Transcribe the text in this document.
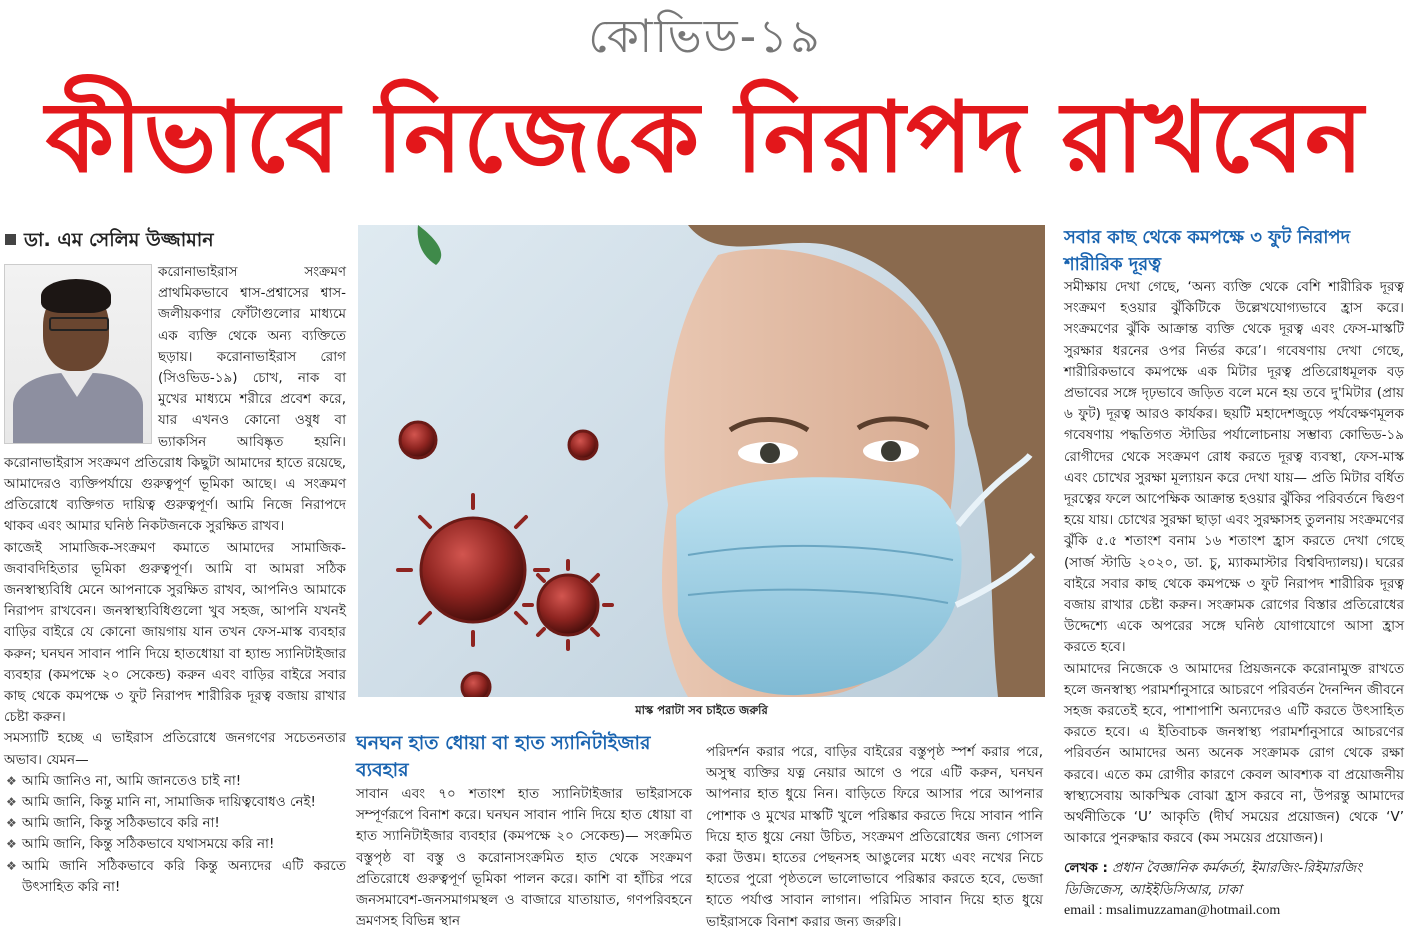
কোভিড-১৯
কীভাবে নিজেকে নিরাপদ রাখবেন
ডা. এম সেলিম উজ্জামান

করোনাভাইরাস সংক্রমণ প্রাথমিকভাবে শ্বাস-প্রশ্বাসের শ্বাস-জলীয়কণার ফোঁটাগুলোর মাধ্যমে এক ব্যক্তি থেকে অন্য ব্যক্তিতে ছড়ায়। করোনাভাইরাস রোগ (সিওভিড-১৯) চোখ, নাক বা মুখের মাধ্যমে শরীরে প্রবেশ করে, যার এখনও কোনো ওষুধ বা ভ্যাকসিন আবিষ্কৃত হয়নি। করোনাভাইরাস সংক্রমণ প্রতিরোধ কিছুটা আমাদের হাতে রয়েছে, আমাদেরও ব্যক্তিপর্যায়ে গুরুত্বপূর্ণ ভূমিকা আছে। এ সংক্রমণ প্রতিরোধে ব্যক্তিগত দায়িত্ব গুরুত্বপূর্ণ। আমি নিজে নিরাপদে থাকব এবং আমার ঘনিষ্ঠ নিকটজনকে সুরক্ষিত রাখব।

কাজেই সামাজিক-সংক্রমণ কমাতে আমাদের সামাজিক-জবাবদিহিতার ভূমিকা গুরুত্বপূর্ণ। আমি বা আমরা সঠিক জনস্বাস্থ্যবিধি মেনে আপনাকে সুরক্ষিত রাখব, আপনিও আমাকে নিরাপদ রাখবেন। জনস্বাস্থ্যবিধিগুলো খুব সহজ, আপনি যখনই বাড়ির বাইরে যে কোনো জায়গায় যান তখন ফেস-মাস্ক ব্যবহার করুন; ঘনঘন সাবান পানি দিয়ে হাতধোয়া বা হ্যান্ড স্যানিটাইজার ব্যবহার (কমপক্ষে ২০ সেকেন্ড) করুন এবং বাড়ির বাইরে সবার কাছ থেকে কমপক্ষে ৩ ফুট নিরাপদ শারীরিক দূরত্ব বজায় রাখার চেষ্টা করুন।

সমস্যাটি হচ্ছে এ ভাইরাস প্রতিরোধে জনগণের সচেতনতার অভাব। যেমন—

❖ আমি জানিও না, আমি জানতেও চাই না!
❖ আমি জানি, কিন্তু মানি না, সামাজিক দায়িত্ববোধও নেই!
❖ আমি জানি, কিন্তু সঠিকভাবে করি না!
❖ আমি জানি, কিন্তু সঠিকভাবে যথাসময়ে করি না!
❖ আমি জানি সঠিকভাবে করি কিন্তু অন্যদের এটি করতে উৎসাহিত করি না!
মাস্ক পরাটা সব চাইতে জরুরি
ঘনঘন হাত ধোয়া বা হাত স্যানিটাইজার ব্যবহার

সাবান এবং ৭০ শতাংশ হাত স্যানিটাইজার ভাইরাসকে সম্পূর্ণরূপে বিনাশ করে। ঘনঘন সাবান পানি দিয়ে হাত ধোয়া বা হাত স্যানিটাইজার ব্যবহার (কমপক্ষে ২০ সেকেন্ড)— সংক্রমিত বস্তুপৃষ্ঠ বা বস্তু ও করোনাসংক্রমিত হাত থেকে সংক্রমণ প্রতিরোধে গুরুত্বপূর্ণ ভূমিকা পালন করে। কাশি বা হাঁচির পরে জনসমাবেশ-জনসমাগমস্থল ও বাজারে যাতায়াত, গণপরিবহনে ভ্রমণসহ বিভিন্ন স্থান

পরিদর্শন করার পরে, বাড়ির বাইরের বস্তুপৃষ্ঠ স্পর্শ করার পরে, অসুস্থ ব্যক্তির যত্ন নেয়ার আগে ও পরে এটি করুন, ঘনঘন আপনার হাত ধুয়ে নিন। বাড়িতে ফিরে আসার পরে আপনার পোশাক ও মুখের মাস্কটি খুলে পরিষ্কার করতে দিয়ে সাবান পানি দিয়ে হাত ধুয়ে নেয়া উচিত, সংক্রমণ প্রতিরোধের জন্য গোসল করা উত্তম। হাতের পেছনসহ আঙুলের মধ্যে এবং নখের নিচে হাতের পুরো পৃষ্ঠতলে ভালোভাবে পরিষ্কার করতে হবে, ভেজা হাতে পর্যাপ্ত সাবান লাগান। পরিমিত সাবান দিয়ে হাত ধুয়ে ভাইরাসকে বিনাশ করার জন্য জরুরি।

সবার কাছ থেকে কমপক্ষে ৩ ফুট নিরাপদ শারীরিক দূরত্ব

সমীক্ষায় দেখা গেছে, ‘অন্য ব্যক্তি থেকে বেশি শারীরিক দূরত্ব সংক্রমণ হওয়ার ঝুঁকিটিকে উল্লেখযোগ্যভাবে হ্রাস করে। সংক্রমণের ঝুঁকি আক্রান্ত ব্যক্তি থেকে দূরত্ব এবং ফেস-মাস্কটি সুরক্ষার ধরনের ওপর নির্ভর করে’। গবেষণায় দেখা গেছে, শারীরিকভাবে কমপক্ষে এক মিটার দূরত্ব প্রতিরোধমূলক বড় প্রভাবের সঙ্গে দৃঢ়ভাবে জড়িত বলে মনে হয় তবে দু'মিটার (প্রায় ৬ ফুট) দূরত্ব আরও কার্যকর। ছয়টি মহাদেশজুড়ে পর্যবেক্ষণমূলক গবেষণায় পদ্ধতিগত স্টাডির পর্যালোচনায় সম্ভাব্য কোভিড-১৯ রোগীদের থেকে সংক্রমণ রোধ করতে দূরত্ব ব্যবস্থা, ফেস-মাস্ক এবং চোখের সুরক্ষা মূল্যায়ন করে দেখা যায়— প্রতি মিটার বর্ধিত দূরত্বের ফলে আপেক্ষিক আক্রান্ত হওয়ার ঝুঁকির পরিবর্তনে দ্বিগুণ হয়ে যায়। চোখের সুরক্ষা ছাড়া এবং সুরক্ষাসহ তুলনায় সংক্রমণের ঝুঁকি ৫.৫ শতাংশ বনাম ১৬ শতাংশ হ্রাস করতে দেখা গেছে (সার্জ স্টাডি ২০২০, ডা. চু, ম্যাকমাস্টার বিশ্ববিদ্যালয়)। ঘরের বাইরে সবার কাছ থেকে কমপক্ষে ৩ ফুট নিরাপদ শারীরিক দূরত্ব বজায় রাখার চেষ্টা করুন। সংক্রামক রোগের বিস্তার প্রতিরোধের উদ্দেশ্যে একে অপরের সঙ্গে ঘনিষ্ঠ যোগাযোগে আসা হ্রাস করতে হবে।

আমাদের নিজেকে ও আমাদের প্রিয়জনকে করোনামুক্ত রাখতে হলে জনস্বাস্থ্য পরামর্শানুসারে আচরণে পরিবর্তন দৈনন্দিন জীবনে সহজ করতেই হবে, পাশাপাশি অন্যদেরও এটি করতে উৎসাহিত করতে হবে। এ ইতিবাচক জনস্বাস্থ্য পরামর্শানুসারে আচরণের পরিবর্তন আমাদের অন্য অনেক সংক্রামক রোগ থেকে রক্ষা করবে। এতে কম রোগীর কারণে কেবল আবশ্যক বা প্রয়োজনীয় স্বাস্থ্যসেবায় আকস্মিক বোঝা হ্রাস করবে না, উপরন্তু আমাদের অর্থনীতিকে ‘U’ আকৃতি (দীর্ঘ সময়ের প্রয়োজন) থেকে ‘V’ আকারে পুনরুদ্ধার করবে (কম সময়ের প্রয়োজন)।

লেখক : প্রধান বৈজ্ঞানিক কর্মকর্তা, ইমারজিং-রিইমারজিং ডিজিজেস, আইইডিসিআর, ঢাকা
email : msalimuzzaman@hotmail.com
